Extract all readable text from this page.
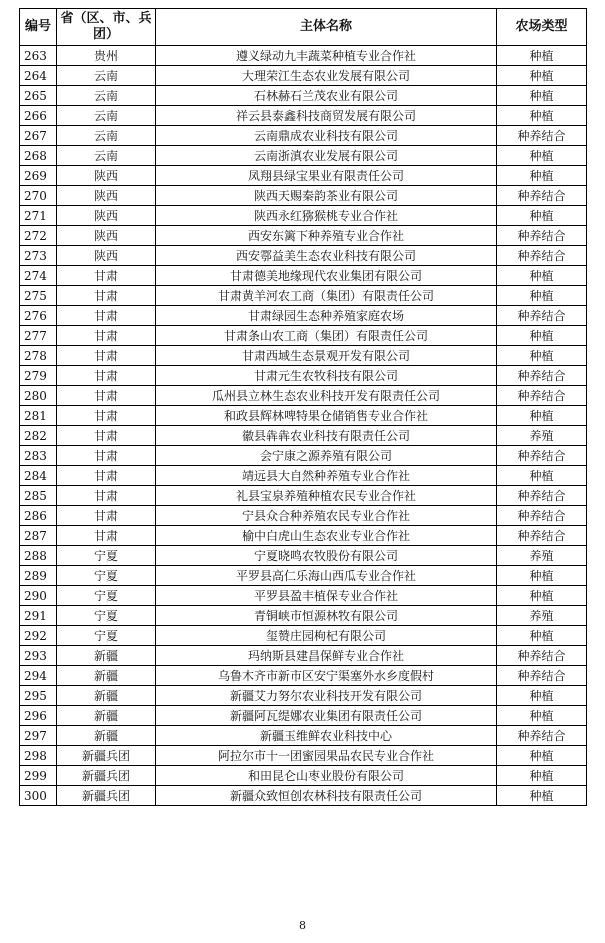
编号	省（区、市、兵团）	主体名称	农场类型
263	贵州	遵义绿动九丰蔬菜种植专业合作社	种植
264	云南	大理荣江生态农业发展有限公司	种植
265	云南	石林赫石兰茂农业有限公司	种植
266	云南	祥云县泰鑫科技商贸发展有限公司	种植
267	云南	云南鼎成农业科技有限公司	种养结合
268	云南	云南浙滇农业发展有限公司	种植
269	陕西	凤翔县绿宝果业有限责任公司	种植
270	陕西	陕西天赐秦韵茶业有限公司	种养结合
271	陕西	陕西永红猕猴桃专业合作社	种植
272	陕西	西安东篱下种养殖专业合作社	种养结合
273	陕西	西安鄠益美生态农业科技有限公司	种养结合
274	甘肃	甘肃德美地缘现代农业集团有限公司	种植
275	甘肃	甘肃黄羊河农工商（集团）有限责任公司	种植
276	甘肃	甘肃绿园生态种养殖家庭农场	种养结合
277	甘肃	甘肃条山农工商（集团）有限责任公司	种植
278	甘肃	甘肃西域生态景观开发有限公司	种植
279	甘肃	甘肃元生农牧科技有限公司	种养结合
280	甘肃	瓜州县立林生态农业科技开发有限责任公司	种养结合
281	甘肃	和政县辉林啤特果仓储销售专业合作社	种植
282	甘肃	徽县犇犇农业科技有限责任公司	养殖
283	甘肃	会宁康之源养殖有限公司	种养结合
284	甘肃	靖远县大自然种养殖专业合作社	种植
285	甘肃	礼县宝泉养殖种植农民专业合作社	种养结合
286	甘肃	宁县众合种养殖农民专业合作社	种养结合
287	甘肃	榆中白虎山生态农业专业合作社	种养结合
288	宁夏	宁夏晓鸣农牧股份有限公司	养殖
289	宁夏	平罗县高仁乐海山西瓜专业合作社	种植
290	宁夏	平罗县盈丰植保专业合作社	种植
291	宁夏	青铜峡市恒源林牧有限公司	养殖
292	宁夏	玺赞庄园枸杞有限公司	种植
293	新疆	玛纳斯县建昌保鲜专业合作社	种养结合
294	新疆	乌鲁木齐市新市区安宁渠塞外水乡度假村	种养结合
295	新疆	新疆艾力努尔农业科技开发有限公司	种植
296	新疆	新疆阿瓦缇娜农业集团有限责任公司	种植
297	新疆	新疆玉维鲜农业科技中心	种养结合
298	新疆兵团	阿拉尔市十一团蜜园果品农民专业合作社	种植
299	新疆兵团	和田昆仑山枣业股份有限公司	种植
300	新疆兵团	新疆众致恒创农林科技有限责任公司	种植
8
